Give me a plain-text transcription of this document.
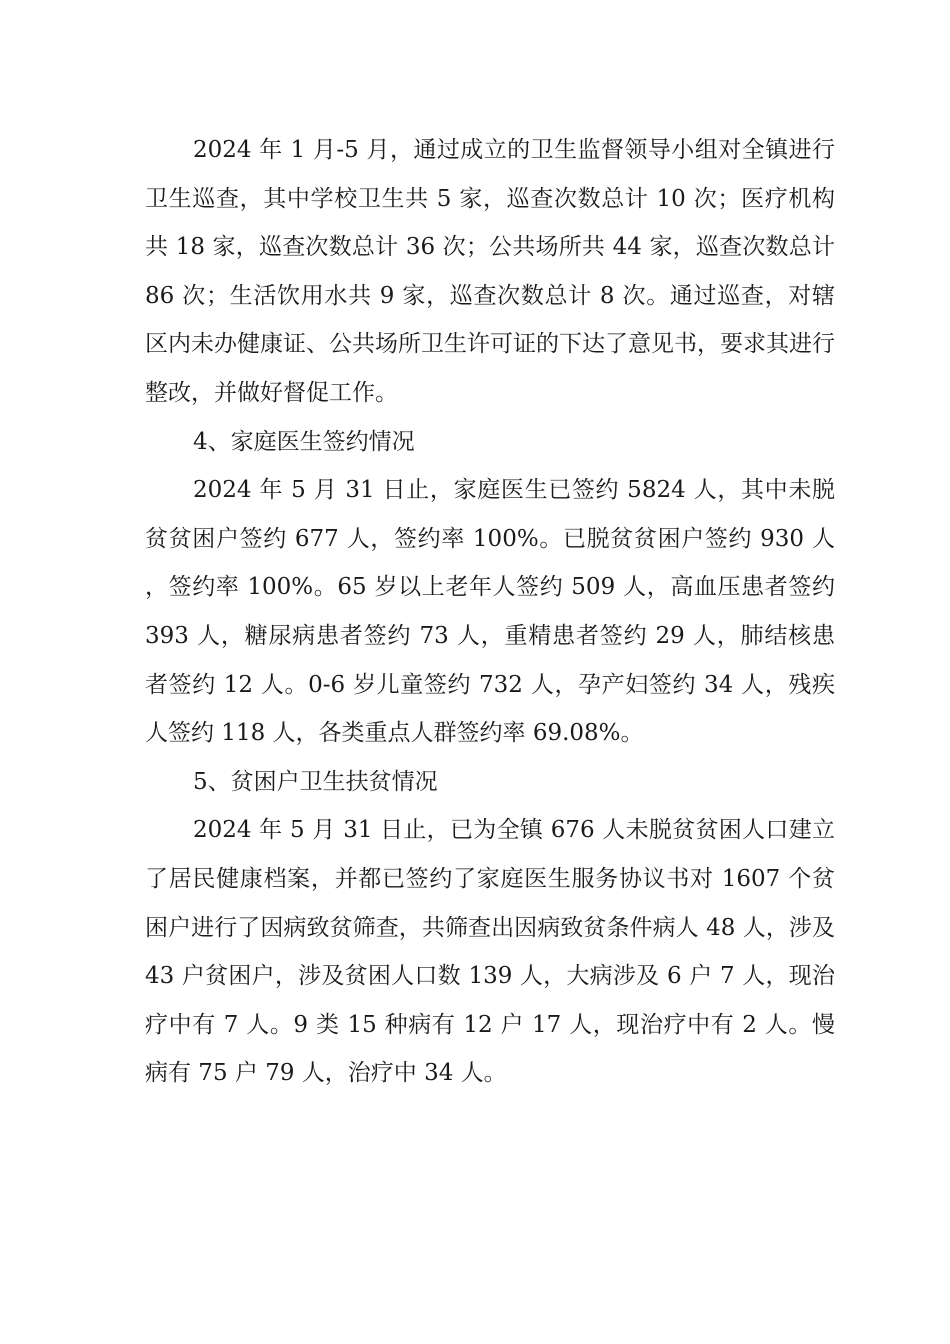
2024 年 1 月-5 月，通过成立的卫生监督领导小组对全镇进行卫生巡查，其中学校卫生共 5 家，巡查次数总计 10 次；医疗机构共 18 家，巡查次数总计 36 次；公共场所共 44 家，巡查次数总计 86 次；生活饮用水共 9 家，巡查次数总计 8 次。通过巡查，对辖区内未办健康证、公共场所卫生许可证的下达了意见书，要求其进行整改，并做好督促工作。

4、家庭医生签约情况

2024 年 5 月 31 日止，家庭医生已签约 5824 人，其中未脱贫贫困户签约 677 人，签约率 100%。已脱贫贫困户签约 930 人，签约率 100%。65 岁以上老年人签约 509 人，高血压患者签约 393 人，糖尿病患者签约 73 人，重精患者签约 29 人，肺结核患者签约 12 人。0-6 岁儿童签约 732 人，孕产妇签约 34 人，残疾人签约 118 人，各类重点人群签约率 69.08%。

5、贫困户卫生扶贫情况

2024 年 5 月 31 日止，已为全镇 676 人未脱贫贫困人口建立了居民健康档案，并都已签约了家庭医生服务协议书对 1607 个贫困户进行了因病致贫筛查，共筛查出因病致贫条件病人 48 人，涉及 43 户贫困户，涉及贫困人口数 139 人，大病涉及 6 户 7 人，现治疗中有 7 人。9 类 15 种病有 12 户 17 人，现治疗中有 2 人。慢病有 75 户 79 人，治疗中 34 人。
